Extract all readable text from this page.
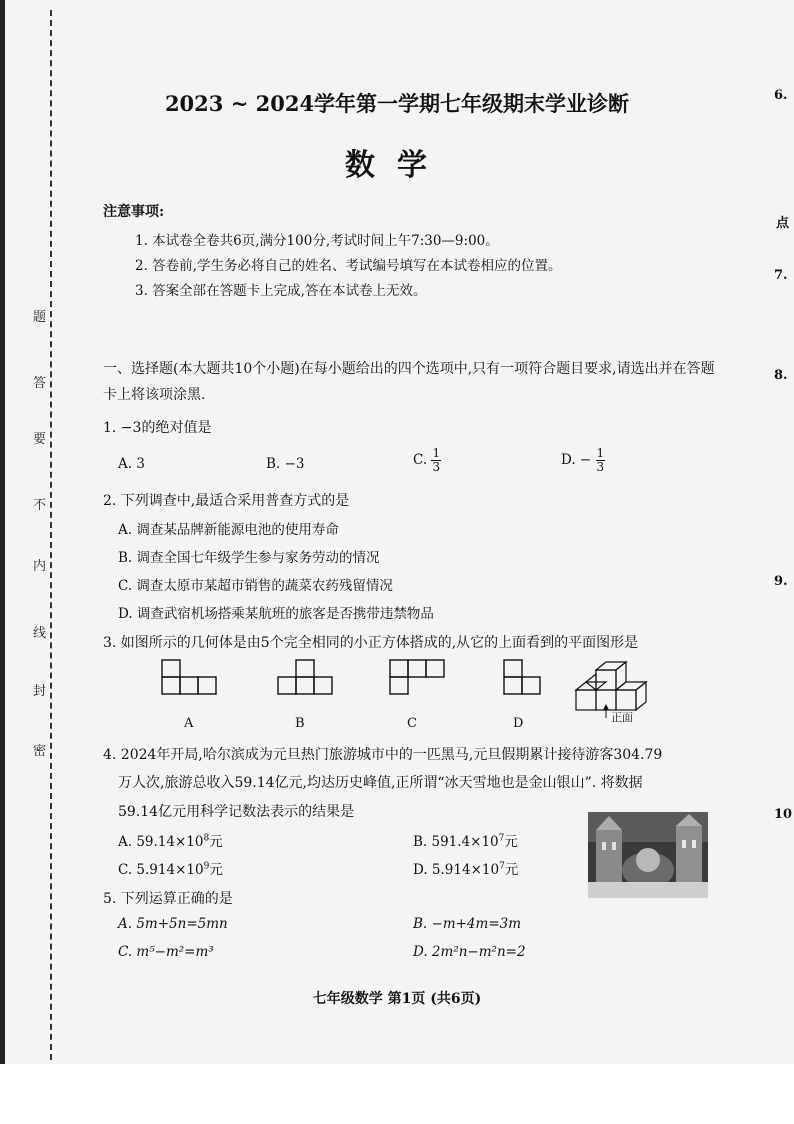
题
答
要
不
内
线
封
密
2023 ~ 2024学年第一学期七年级期末学业诊断
数学
注意事项:
1. 本试卷全卷共6页,满分100分,考试时间上午7:30—9:00。
2. 答卷前,学生务必将自己的姓名、考试编号填写在本试卷相应的位置。
3. 答案全部在答题卡上完成,答在本试卷上无效。
一、选择题(本大题共10个小题)在每小题给出的四个选项中,只有一项符合题目要求,请选出并在答题卡上将该项涂黑.
1. −3的绝对值是
A. 3	B. −3	C. $\frac{1}{3}$	D. − $\frac{1}{3}$
2. 下列调查中,最适合采用普查方式的是
A. 调查某品牌新能源电池的使用寿命
B. 调查全国七年级学生参与家务劳动的情况
C. 调查太原市某超市销售的蔬菜农药残留情况
D. 调查武宿机场搭乘某航班的旅客是否携带违禁物品
3. 如图所示的几何体是由5个完全相同的小正方体搭成的,从它的上面看到的平面图形是
A	B	C	D	正面
4. 2024年开局,哈尔滨成为元旦热门旅游城市中的一匹黑马,元旦假期累计接待游客304.79
万人次,旅游总收入59.14亿元,均达历史峰值,正所谓“冰天雪地也是金山银山”. 将数据
59.14亿元用科学记数法表示的结果是
A. $59.14\times 10^8$元	B. $591.4\times 10^7$元
C. $5.914\times 10^9$元	D. $5.914\times 10^7$元
5. 下列运算正确的是
A. 5m+5n=5mn	B. −m+4m=3m
C. m⁵−m²=m³	D. 2m²n−m²n=2
七年级数学 第1页 (共6页)
6.
点
7.
8.
9.
10
